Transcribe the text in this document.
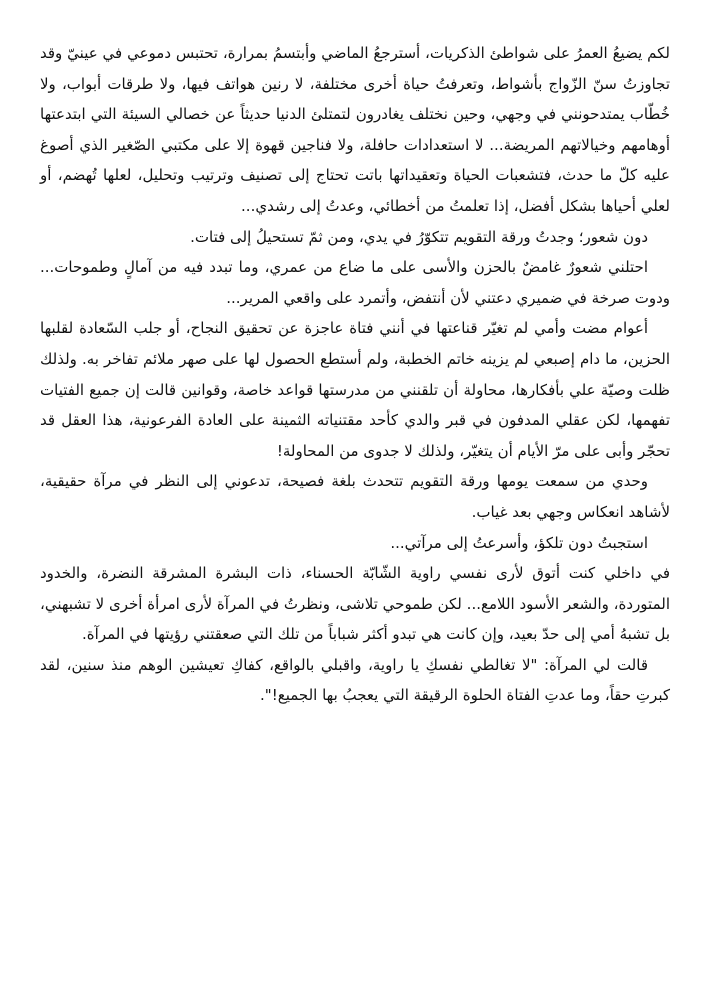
لكم يضيعُ العمرُ على شواطئ الذكريات، أسترجعُ الماضي وأبتسمُ بمرارة، تحتبس دموعي في عينيّ وقد تجاوزتُ سنّ الزّواج بأشواط، وتعرفتُ حياة أخرى مختلفة، لا رنين هواتف فيها، ولا طرقات أبواب، ولا خُطّاب يمتدحونني في وجهي، وحين نختلف يغادرون لتمتلئ الدنيا حديثاً عن خصالي السيئة التي ابتدعتها أوهامهم وخيالاتهم المريضة... لا استعدادات حافلة، ولا فناجين قهوة إلا على مكتبي الصّغير الذي أصوغ عليه كلّ ما حدث، فتشعبات الحياة وتعقيداتها باتت تحتاج إلى تصنيف وترتيب وتحليل، لعلها تُهضم، أو لعلي أحياها بشكل أفضل، إذا تعلمتُ من أخطائي، وعدتُ إلى رشدي...

دون شعور؛ وجدتُ ورقة التقويم تتكوّرُ في يدي، ومن ثمّ تستحيلُ إلى فتات.

احتلني شعورٌ غامضٌ بالحزن والأسى على ما ضاع من عمري، وما تبدد فيه من آمالٍ وطموحات... ودوت صرخة في ضميري دعتني لأن أنتفض، وأتمرد على واقعي المرير...

أعوام مضت وأمي لم تغيّر قناعتها في أنني فتاة عاجزة عن تحقيق النجاح، أو جلب السّعادة لقلبها الحزين، ما دام إصبعي لم يزينه خاتم الخطبة، ولم أستطع الحصول لها على صهر ملائم تفاخر به. ولذلك ظلت وصيّة علي بأفكارها، محاولة أن تلقنني من مدرستها قواعد خاصة، وقوانين قالت إن جميع الفتيات تفهمها، لكن عقلي المدفون في قبر والدي كأحد مقتنياته الثمينة على العادة الفرعونية، هذا العقل قد تحجّر وأبى على مرّ الأيام أن يتغيّر، ولذلك لا جدوى من المحاولة!

وحدي من سمعت يومها ورقة التقويم تتحدث بلغة فصيحة، تدعوني إلى النظر في مرآة حقيقية، لأشاهد انعكاس وجهي بعد غياب.

استجبتُ دون تلكؤ، وأسرعتُ إلى مرآتي...

في داخلي كنت أتوق لأرى نفسي راوية الشّابّة الحسناء، ذات البشرة المشرقة النضرة، والخدود المتوردة، والشعر الأسود اللامع... لكن طموحي تلاشى، ونظرتُ في المرآة لأرى امرأة أخرى لا تشبهني، بل تشبهُ أمي إلى حدّ بعيد، وإن كانت هي تبدو أكثر شباباً من تلك التي صعقتني رؤيتها في المرآة.

قالت لي المرآة: "لا تغالطي نفسكِ يا راوية، واقبلي بالواقع، كفاكِ تعيشين الوهم منذ سنين، لقد كبرتِ حقاً، وما عدتِ الفتاة الحلوة الرقيقة التي يعجبُ بها الجميع!".
